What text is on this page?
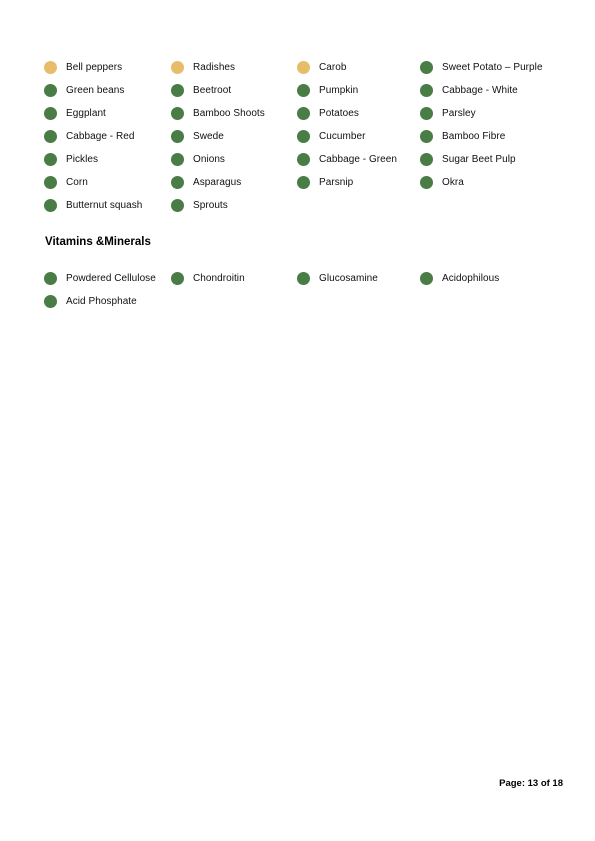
Bell peppers	Radishes	Carob	Sweet Potato – Purple
Green beans	Beetroot	Pumpkin	Cabbage - White
Eggplant	Bamboo Shoots	Potatoes	Parsley
Cabbage - Red	Swede	Cucumber	Bamboo Fibre
Pickles	Onions	Cabbage - Green	Sugar Beet Pulp
Corn	Asparagus	Parsnip	Okra
Butternut squash	Sprouts
Vitamins &Minerals
Powdered Cellulose	Chondroitin	Glucosamine	Acidophilous
Acid Phosphate
Page: 13 of 18
